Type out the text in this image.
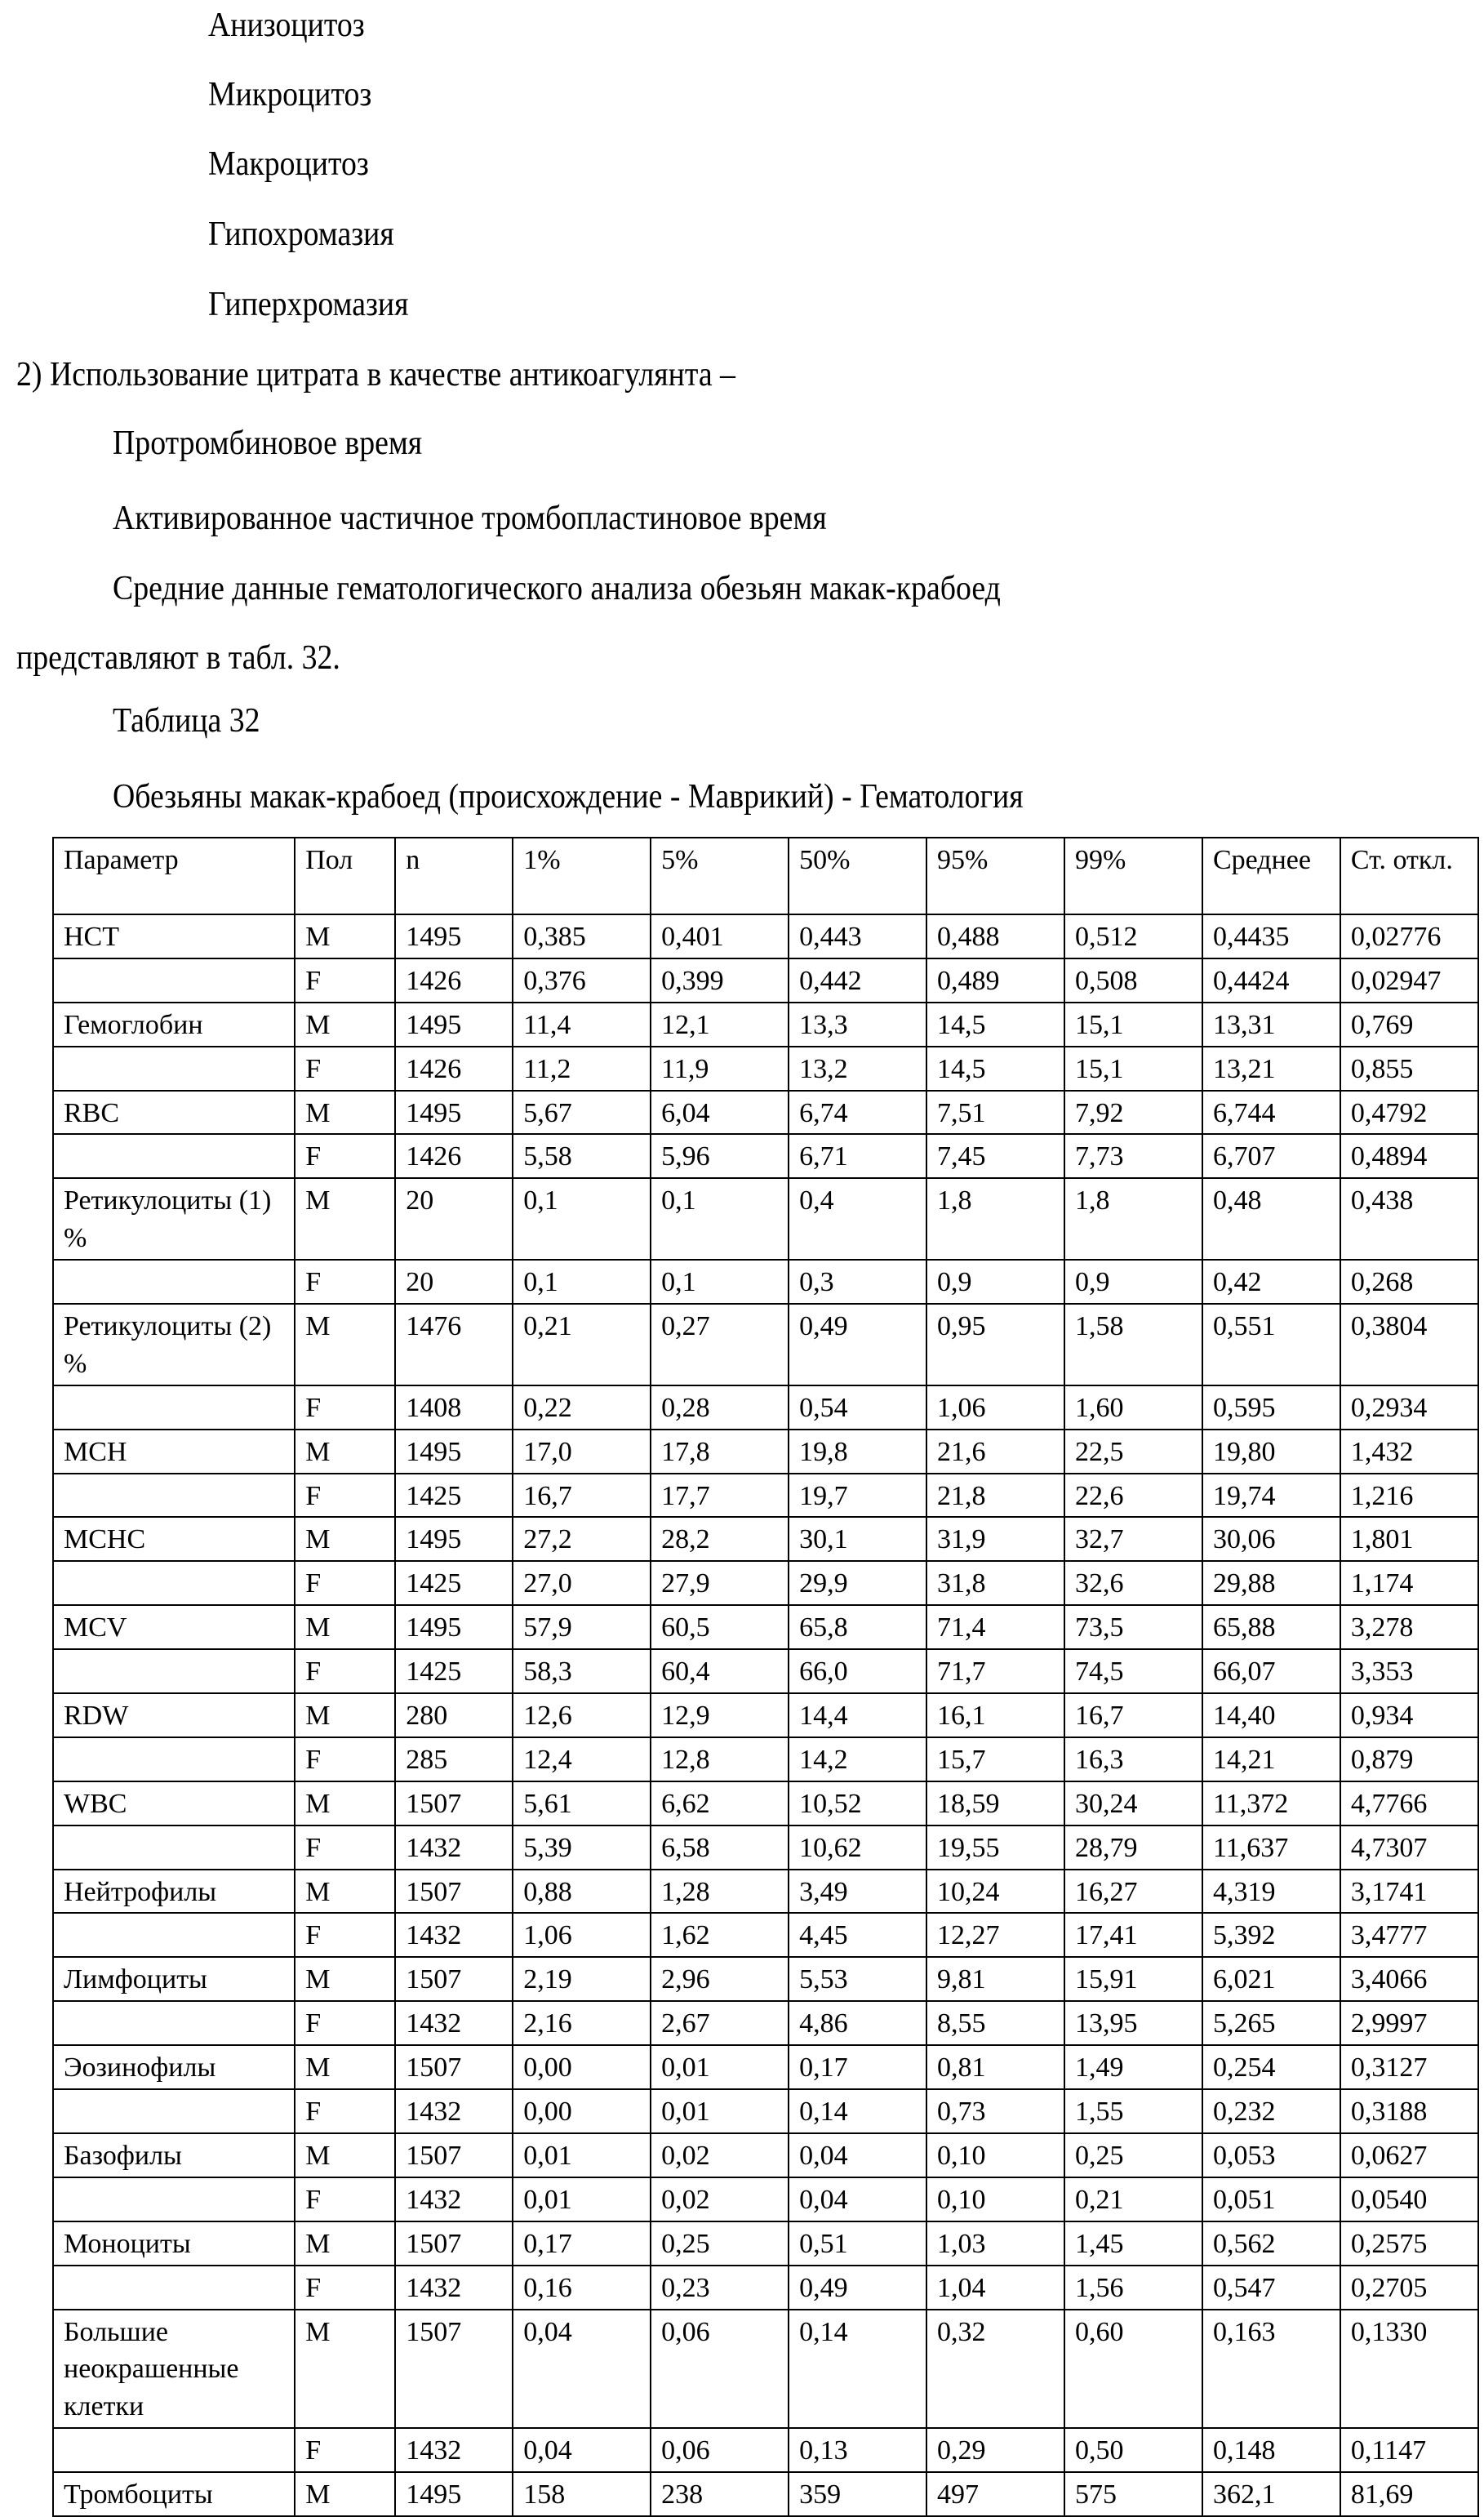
Анизоцитоз
Микроцитоз
Макроцитоз
Гипохромазия
Гиперхромазия
2) Использование цитрата в качестве антикоагулянта –
Протромбиновое время
Активированное частичное тромбопластиновое время
Средние данные гематологического анализа обезьян макак-крабоед
представляют в табл. 32.
Таблица 32
Обезьяны макак-крабоед (происхождение - Маврикий) - Гематология
Параметр	Пол	n	1%	5%	50%	95%	99%	Среднее	Ст. откл.
HCT	M	1495	0,385	0,401	0,443	0,488	0,512	0,4435	0,02776
	F	1426	0,376	0,399	0,442	0,489	0,508	0,4424	0,02947
Гемоглобин	M	1495	11,4	12,1	13,3	14,5	15,1	13,31	0,769
	F	1426	11,2	11,9	13,2	14,5	15,1	13,21	0,855
RBC	M	1495	5,67	6,04	6,74	7,51	7,92	6,744	0,4792
	F	1426	5,58	5,96	6,71	7,45	7,73	6,707	0,4894
Ретикулоциты (1) %	M	20	0,1	0,1	0,4	1,8	1,8	0,48	0,438
	F	20	0,1	0,1	0,3	0,9	0,9	0,42	0,268
Ретикулоциты (2) %	M	1476	0,21	0,27	0,49	0,95	1,58	0,551	0,3804
	F	1408	0,22	0,28	0,54	1,06	1,60	0,595	0,2934
MCH	M	1495	17,0	17,8	19,8	21,6	22,5	19,80	1,432
	F	1425	16,7	17,7	19,7	21,8	22,6	19,74	1,216
MCHC	M	1495	27,2	28,2	30,1	31,9	32,7	30,06	1,801
	F	1425	27,0	27,9	29,9	31,8	32,6	29,88	1,174
MCV	M	1495	57,9	60,5	65,8	71,4	73,5	65,88	3,278
	F	1425	58,3	60,4	66,0	71,7	74,5	66,07	3,353
RDW	M	280	12,6	12,9	14,4	16,1	16,7	14,40	0,934
	F	285	12,4	12,8	14,2	15,7	16,3	14,21	0,879
WBC	M	1507	5,61	6,62	10,52	18,59	30,24	11,372	4,7766
	F	1432	5,39	6,58	10,62	19,55	28,79	11,637	4,7307
Нейтрофилы	M	1507	0,88	1,28	3,49	10,24	16,27	4,319	3,1741
	F	1432	1,06	1,62	4,45	12,27	17,41	5,392	3,4777
Лимфоциты	M	1507	2,19	2,96	5,53	9,81	15,91	6,021	3,4066
	F	1432	2,16	2,67	4,86	8,55	13,95	5,265	2,9997
Эозинофилы	M	1507	0,00	0,01	0,17	0,81	1,49	0,254	0,3127
	F	1432	0,00	0,01	0,14	0,73	1,55	0,232	0,3188
Базофилы	M	1507	0,01	0,02	0,04	0,10	0,25	0,053	0,0627
	F	1432	0,01	0,02	0,04	0,10	0,21	0,051	0,0540
Моноциты	M	1507	0,17	0,25	0,51	1,03	1,45	0,562	0,2575
	F	1432	0,16	0,23	0,49	1,04	1,56	0,547	0,2705
Большие неокрашенные клетки	M	1507	0,04	0,06	0,14	0,32	0,60	0,163	0,1330
	F	1432	0,04	0,06	0,13	0,29	0,50	0,148	0,1147
Тромбоциты	M	1495	158	238	359	497	575	362,1	81,69
